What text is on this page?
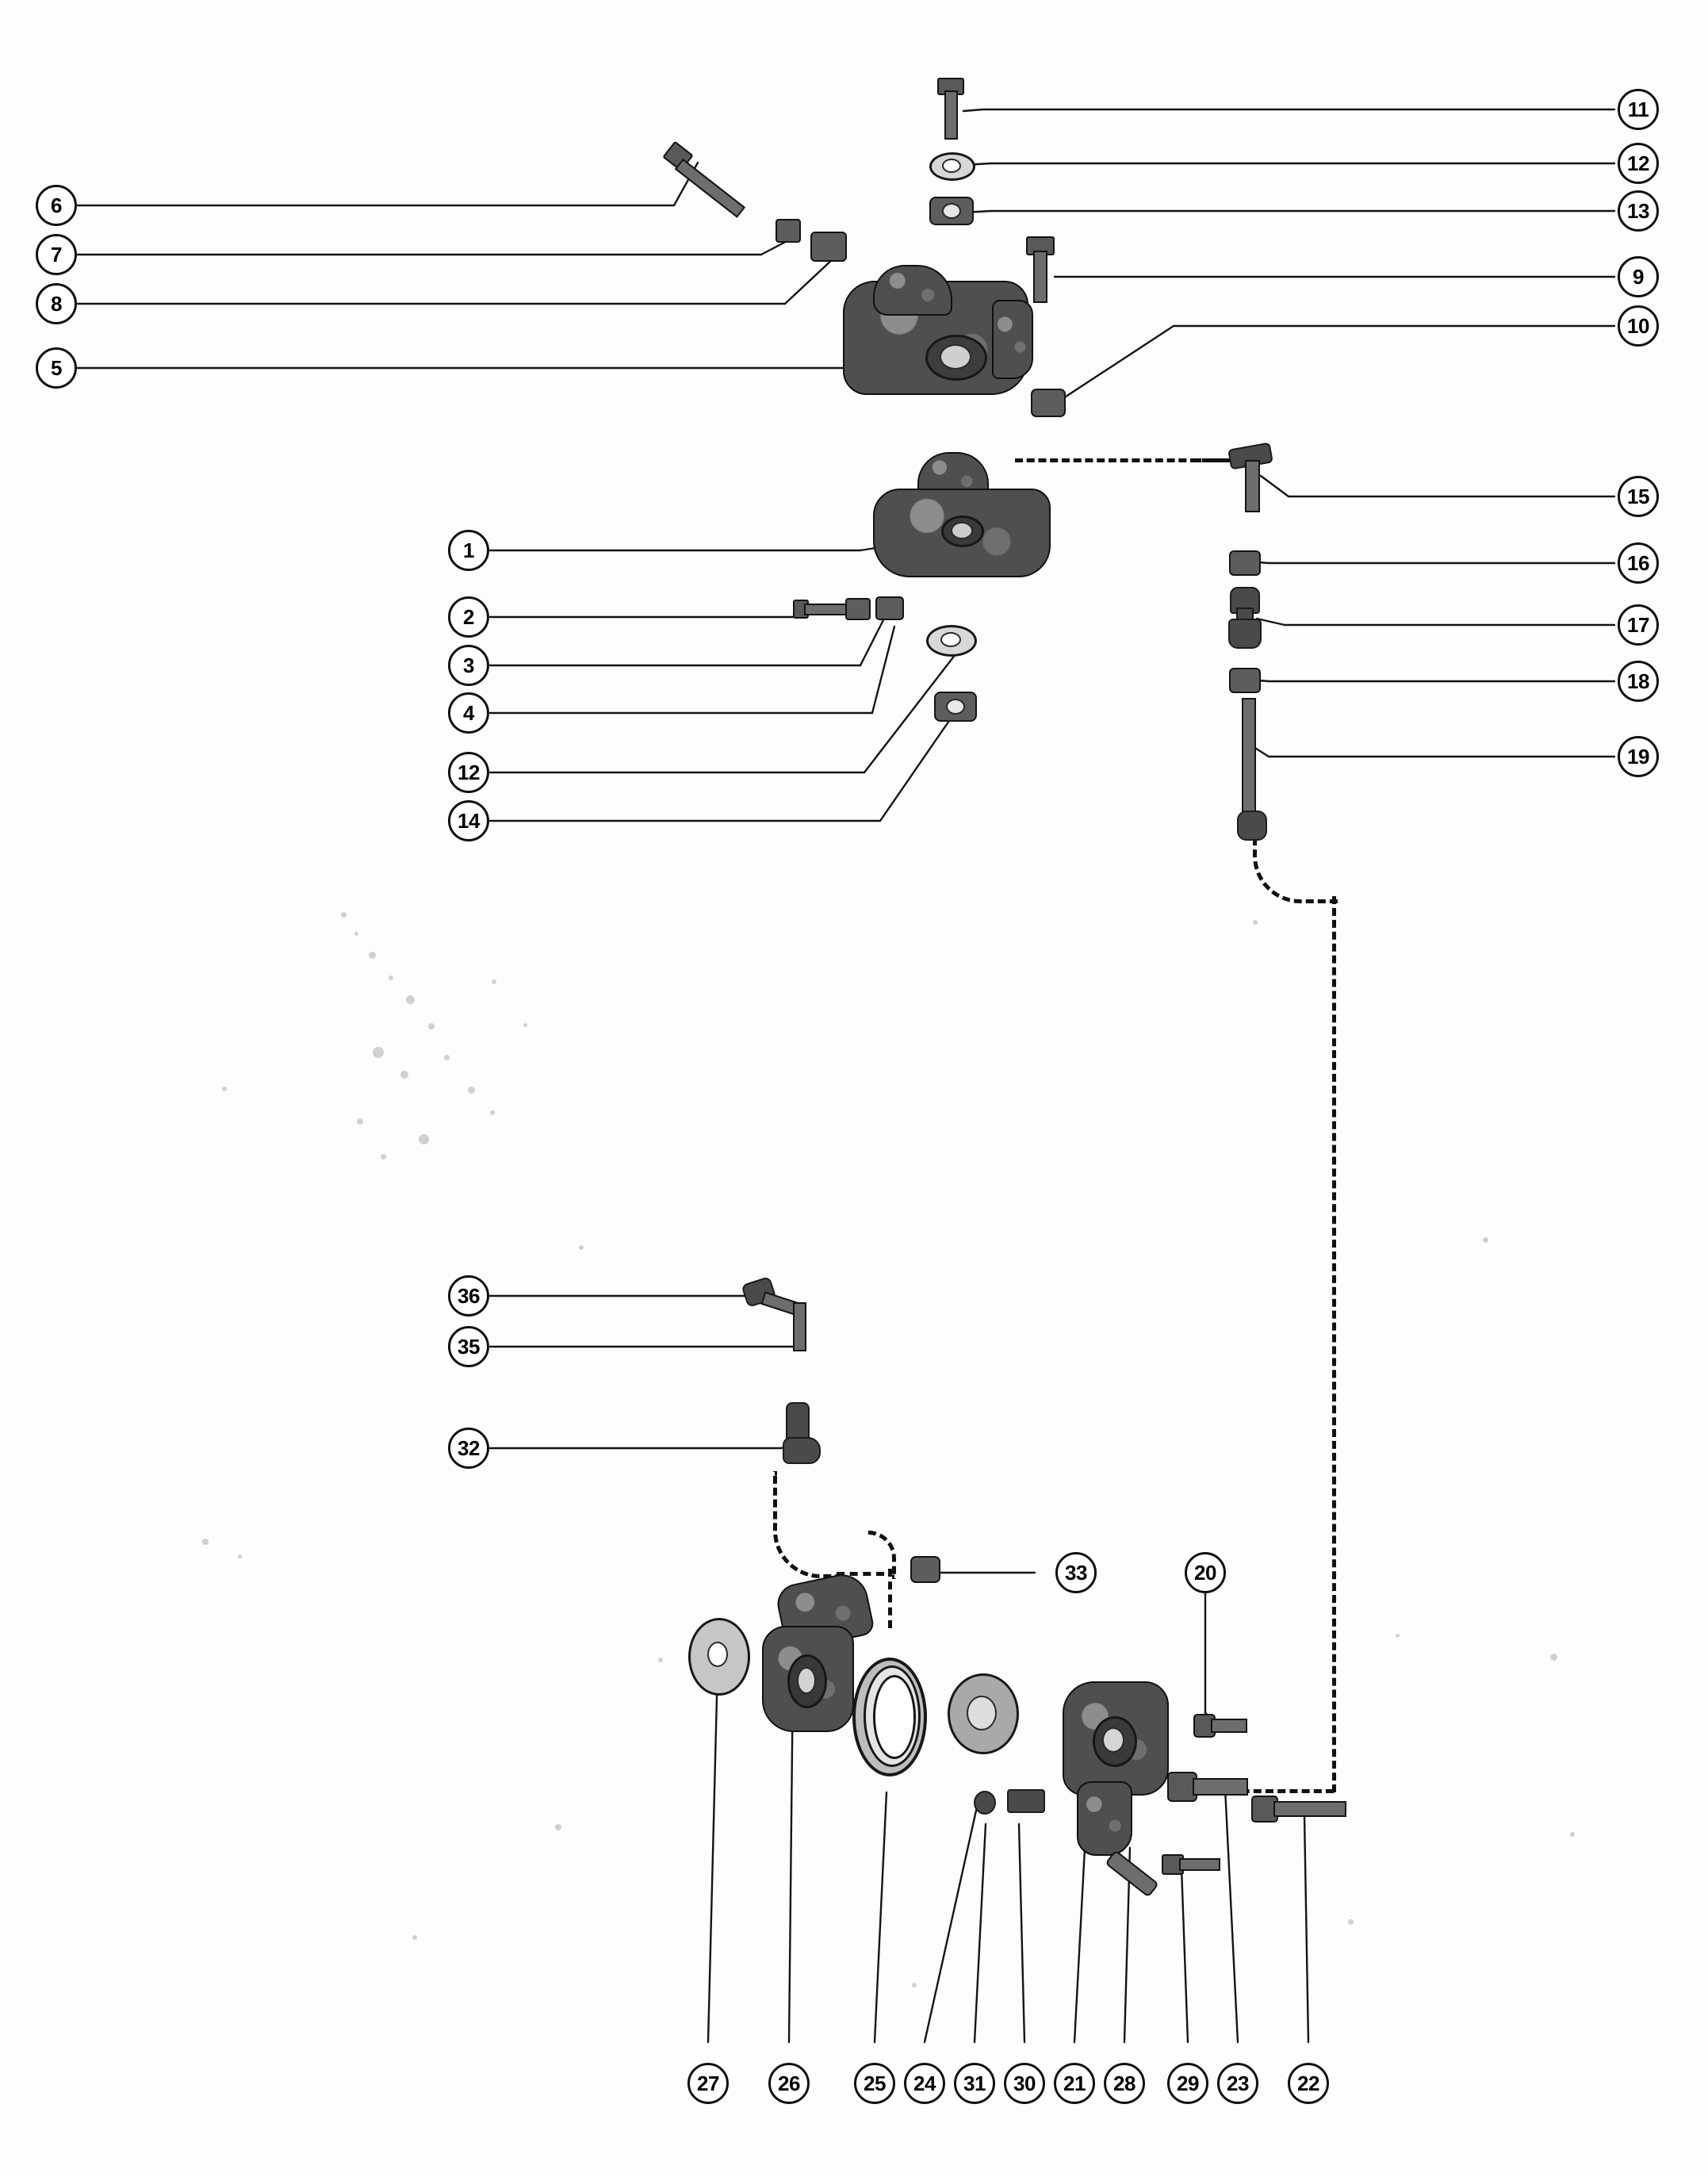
6
7
8
5
11
12
13
9
10
1
2
3
4
12
14
15
16
17
18
19
36
35
32
33	20
27	26	25	24	31	30	21	28	29	23	22
